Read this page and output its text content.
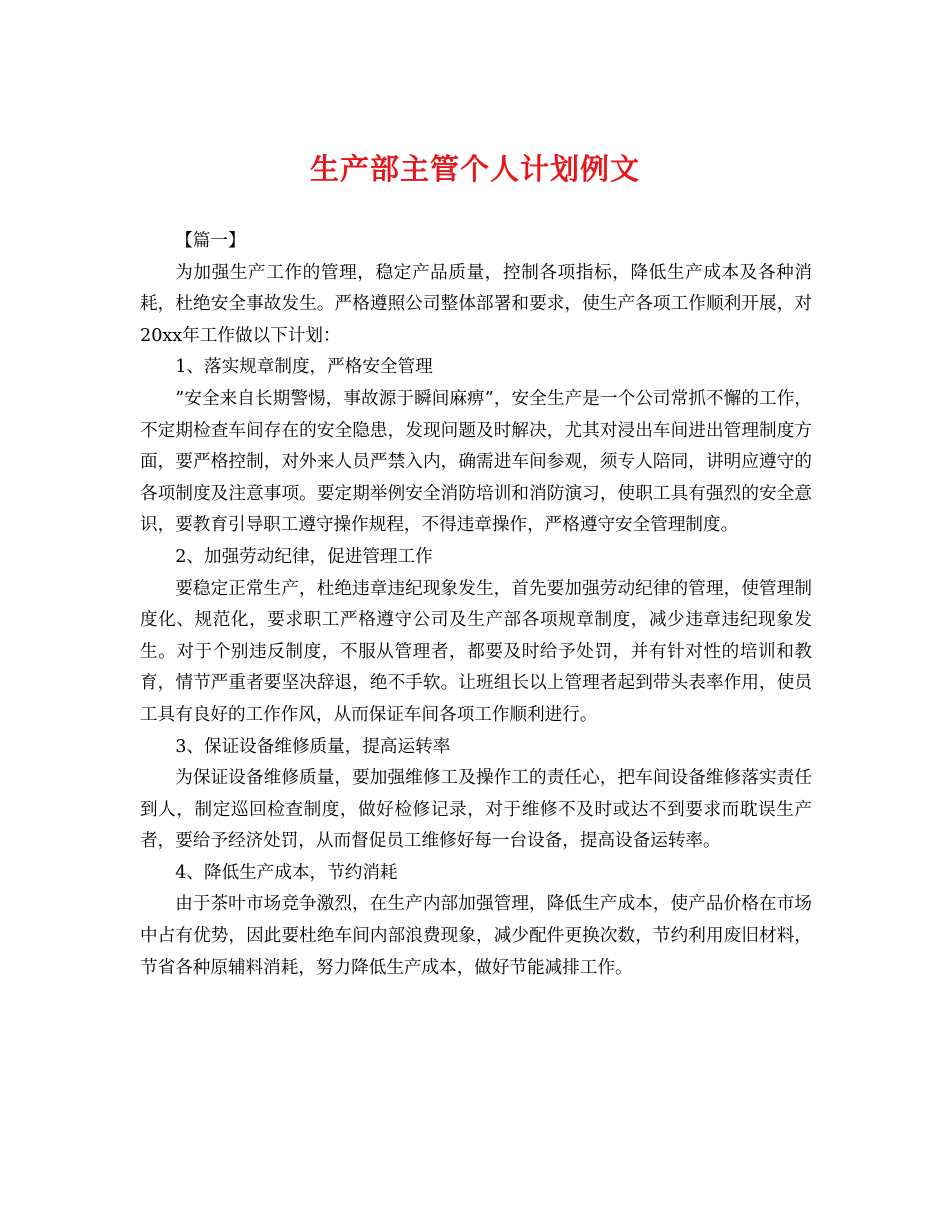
生产部主管个人计划例文

【篇一】

为加强生产工作的管理，稳定产品质量，控制各项指标，降低生产成本及各种消耗，杜绝安全事故发生。严格遵照公司整体部署和要求，使生产各项工作顺利开展，对20xx年工作做以下计划：

1、落实规章制度，严格安全管理

”安全来自长期警惕，事故源于瞬间麻痹”，安全生产是一个公司常抓不懈的工作，不定期检查车间存在的安全隐患，发现问题及时解决，尤其对浸出车间进出管理制度方面，要严格控制，对外来人员严禁入内，确需进车间参观，须专人陪同，讲明应遵守的各项制度及注意事项。要定期举例安全消防培训和消防演习，使职工具有强烈的安全意识，要教育引导职工遵守操作规程，不得违章操作，严格遵守安全管理制度。

2、加强劳动纪律，促进管理工作

要稳定正常生产，杜绝违章违纪现象发生，首先要加强劳动纪律的管理，使管理制度化、规范化，要求职工严格遵守公司及生产部各项规章制度，减少违章违纪现象发生。对于个别违反制度，不服从管理者，都要及时给予处罚，并有针对性的培训和教育，情节严重者要坚决辞退，绝不手软。让班组长以上管理者起到带头表率作用，使员工具有良好的工作作风，从而保证车间各项工作顺利进行。

3、保证设备维修质量，提高运转率

为保证设备维修质量，要加强维修工及操作工的责任心，把车间设备维修落实责任到人，制定巡回检查制度，做好检修记录，对于维修不及时或达不到要求而耽误生产者，要给予经济处罚，从而督促员工维修好每一台设备，提高设备运转率。

4、降低生产成本，节约消耗

由于茶叶市场竞争激烈，在生产内部加强管理，降低生产成本，使产品价格在市场中占有优势，因此要杜绝车间内部浪费现象，减少配件更换次数，节约利用废旧材料，节省各种原辅料消耗，努力降低生产成本，做好节能减排工作。
